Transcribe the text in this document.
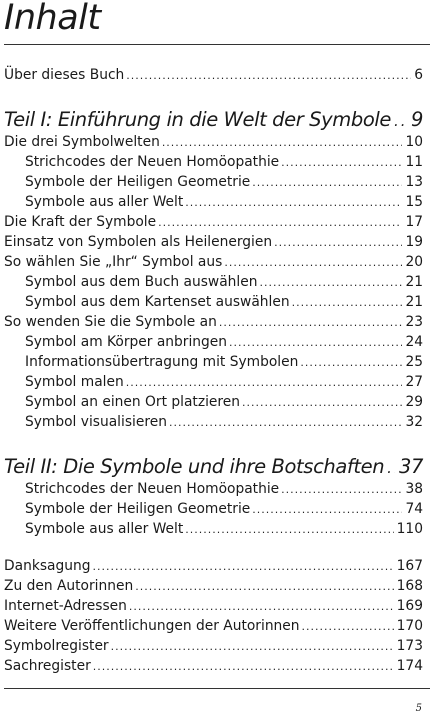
Inhalt
Über dieses Buch .....	6
Teil I: Einführung in die Welt der Symbole ..... 9
Die drei Symbolwelten .....	10
Strichcodes der Neuen Homöopathie .....	11
Symbole der Heiligen Geometrie .....	13
Symbole aus aller Welt .....	15
Die Kraft der Symbole .....	17
Einsatz von Symbolen als Heilenergien .....	19
So wählen Sie „Ihr“ Symbol aus .....	20
Symbol aus dem Buch auswählen .....	21
Symbol aus dem Kartenset auswählen .....	21
So wenden Sie die Symbole an .....	23
Symbol am Körper anbringen .....	24
Informationsübertragung mit Symbolen .....	25
Symbol malen .....	27
Symbol an einen Ort platzieren .....	29
Symbol visualisieren .....	32
Teil II: Die Symbole und ihre Botschaften ..... 37
Strichcodes der Neuen Homöopathie .....	38
Symbole der Heiligen Geometrie .....	74
Symbole aus aller Welt .....	110
Danksagung .....	167
Zu den Autorinnen .....	168
Internet-Adressen .....	169
Weitere Veröffentlichungen der Autorinnen .....	170
Symbolregister .....	173
Sachregister .....	174
5
